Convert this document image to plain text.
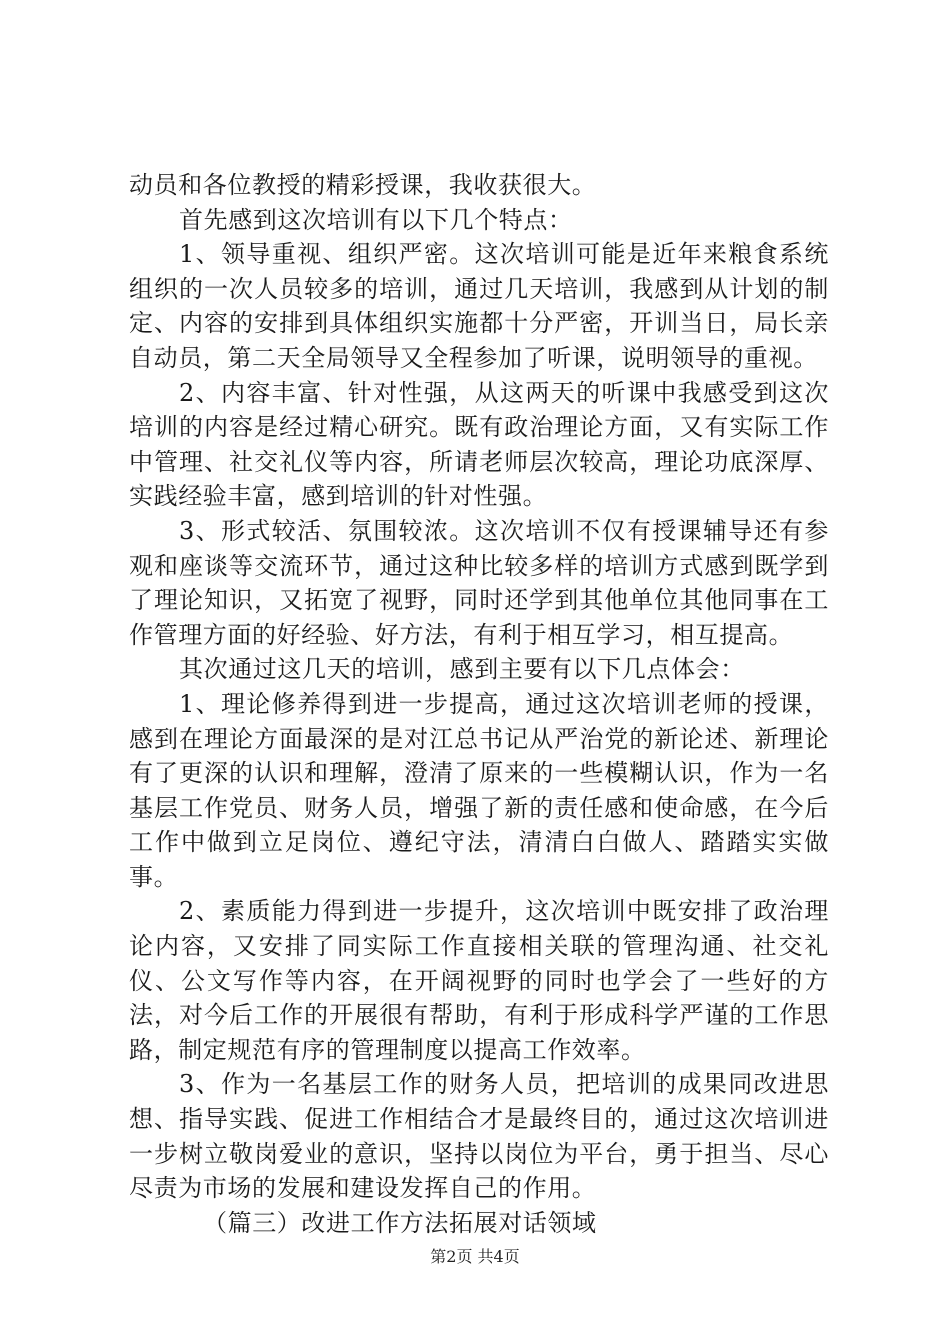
动员和各位教授的精彩授课，我收获很大。

首先感到这次培训有以下几个特点：

1、领导重视、组织严密。这次培训可能是近年来粮食系统组织的一次人员较多的培训，通过几天培训，我感到从计划的制定、内容的安排到具体组织实施都十分严密，开训当日，局长亲自动员，第二天全局领导又全程参加了听课，说明领导的重视。

2、内容丰富、针对性强，从这两天的听课中我感受到这次培训的内容是经过精心研究。既有政治理论方面，又有实际工作中管理、社交礼仪等内容，所请老师层次较高，理论功底深厚、实践经验丰富，感到培训的针对性强。

3、形式较活、氛围较浓。这次培训不仅有授课辅导还有参观和座谈等交流环节，通过这种比较多样的培训方式感到既学到了理论知识，又拓宽了视野，同时还学到其他单位其他同事在工作管理方面的好经验、好方法，有利于相互学习，相互提高。

其次通过这几天的培训，感到主要有以下几点体会：

1、理论修养得到进一步提高，通过这次培训老师的授课，感到在理论方面最深的是对江总书记从严治党的新论述、新理论有了更深的认识和理解，澄清了原来的一些模糊认识，作为一名基层工作党员、财务人员，增强了新的责任感和使命感，在今后工作中做到立足岗位、遵纪守法，清清白白做人、踏踏实实做事。

2、素质能力得到进一步提升，这次培训中既安排了政治理论内容，又安排了同实际工作直接相关联的管理沟通、社交礼仪、公文写作等内容，在开阔视野的同时也学会了一些好的方法，对今后工作的开展很有帮助，有利于形成科学严谨的工作思路，制定规范有序的管理制度以提高工作效率。

3、作为一名基层工作的财务人员，把培训的成果同改进思想、指导实践、促进工作相结合才是最终目的，通过这次培训进一步树立敬岗爱业的意识，坚持以岗位为平台，勇于担当、尽心尽责为市场的发展和建设发挥自己的作用。

（篇三）改进工作方法拓展对话领域

第2页 共4页
